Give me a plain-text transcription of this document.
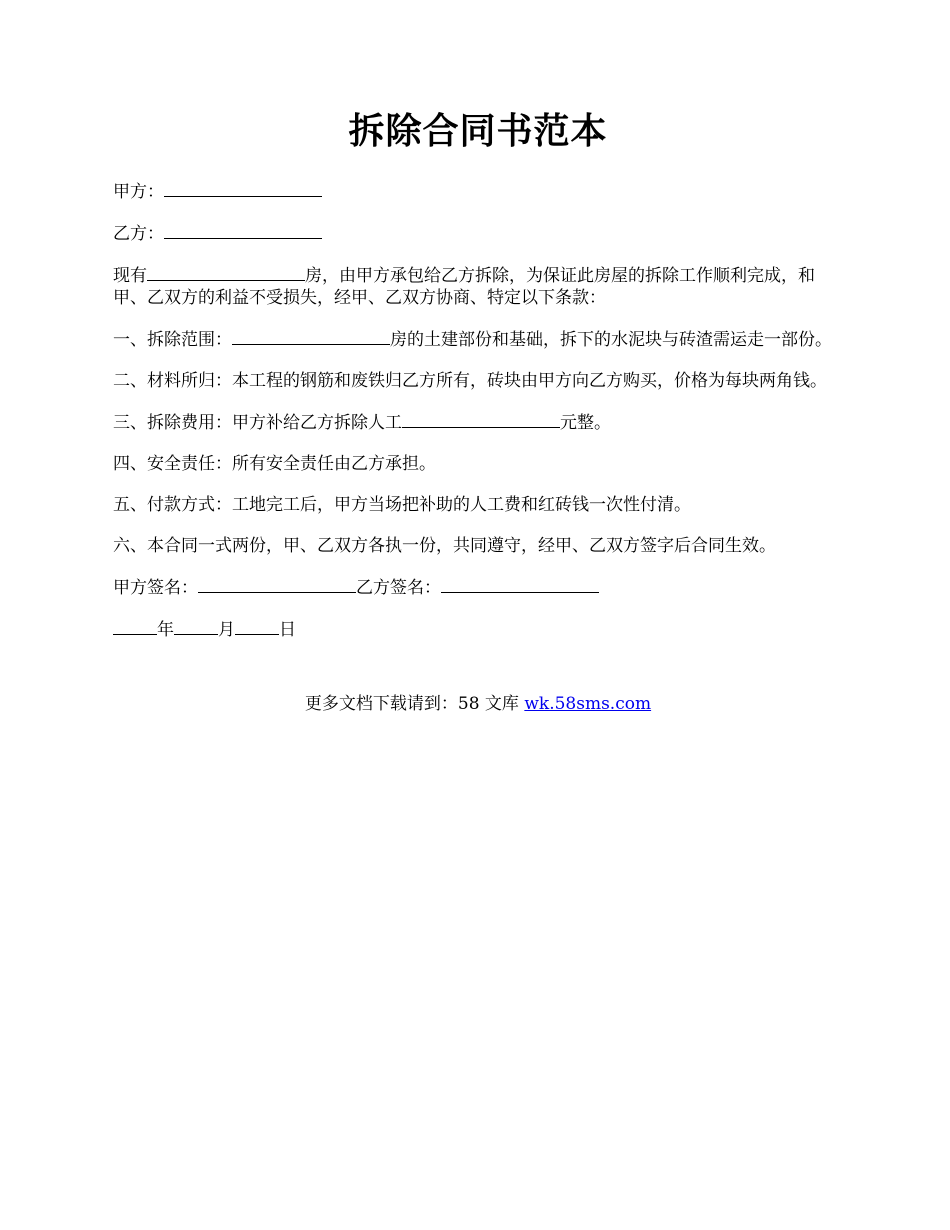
拆除合同书范本

甲方：

乙方：

现有	房，由甲方承包给乙方拆除，为保证此房屋的拆除工作顺利完成，和甲、乙双方的利益不受损失，经甲、乙双方协商、特定以下条款：

一、拆除范围：	房的土建部份和基础，拆下的水泥块与砖渣需运走一部份。

二、材料所归：本工程的钢筋和废铁归乙方所有，砖块由甲方向乙方购买，价格为每块两角钱。

三、拆除费用：甲方补给乙方拆除人工	元整。

四、安全责任：所有安全责任由乙方承担。

五、付款方式：工地完工后，甲方当场把补助的人工费和红砖钱一次性付清。

六、本合同一式两份，甲、乙双方各执一份，共同遵守，经甲、乙双方签字后合同生效。

甲方签名：	乙方签名：

年	月	日

更多文档下载请到：58 文库 wk.58sms.com
